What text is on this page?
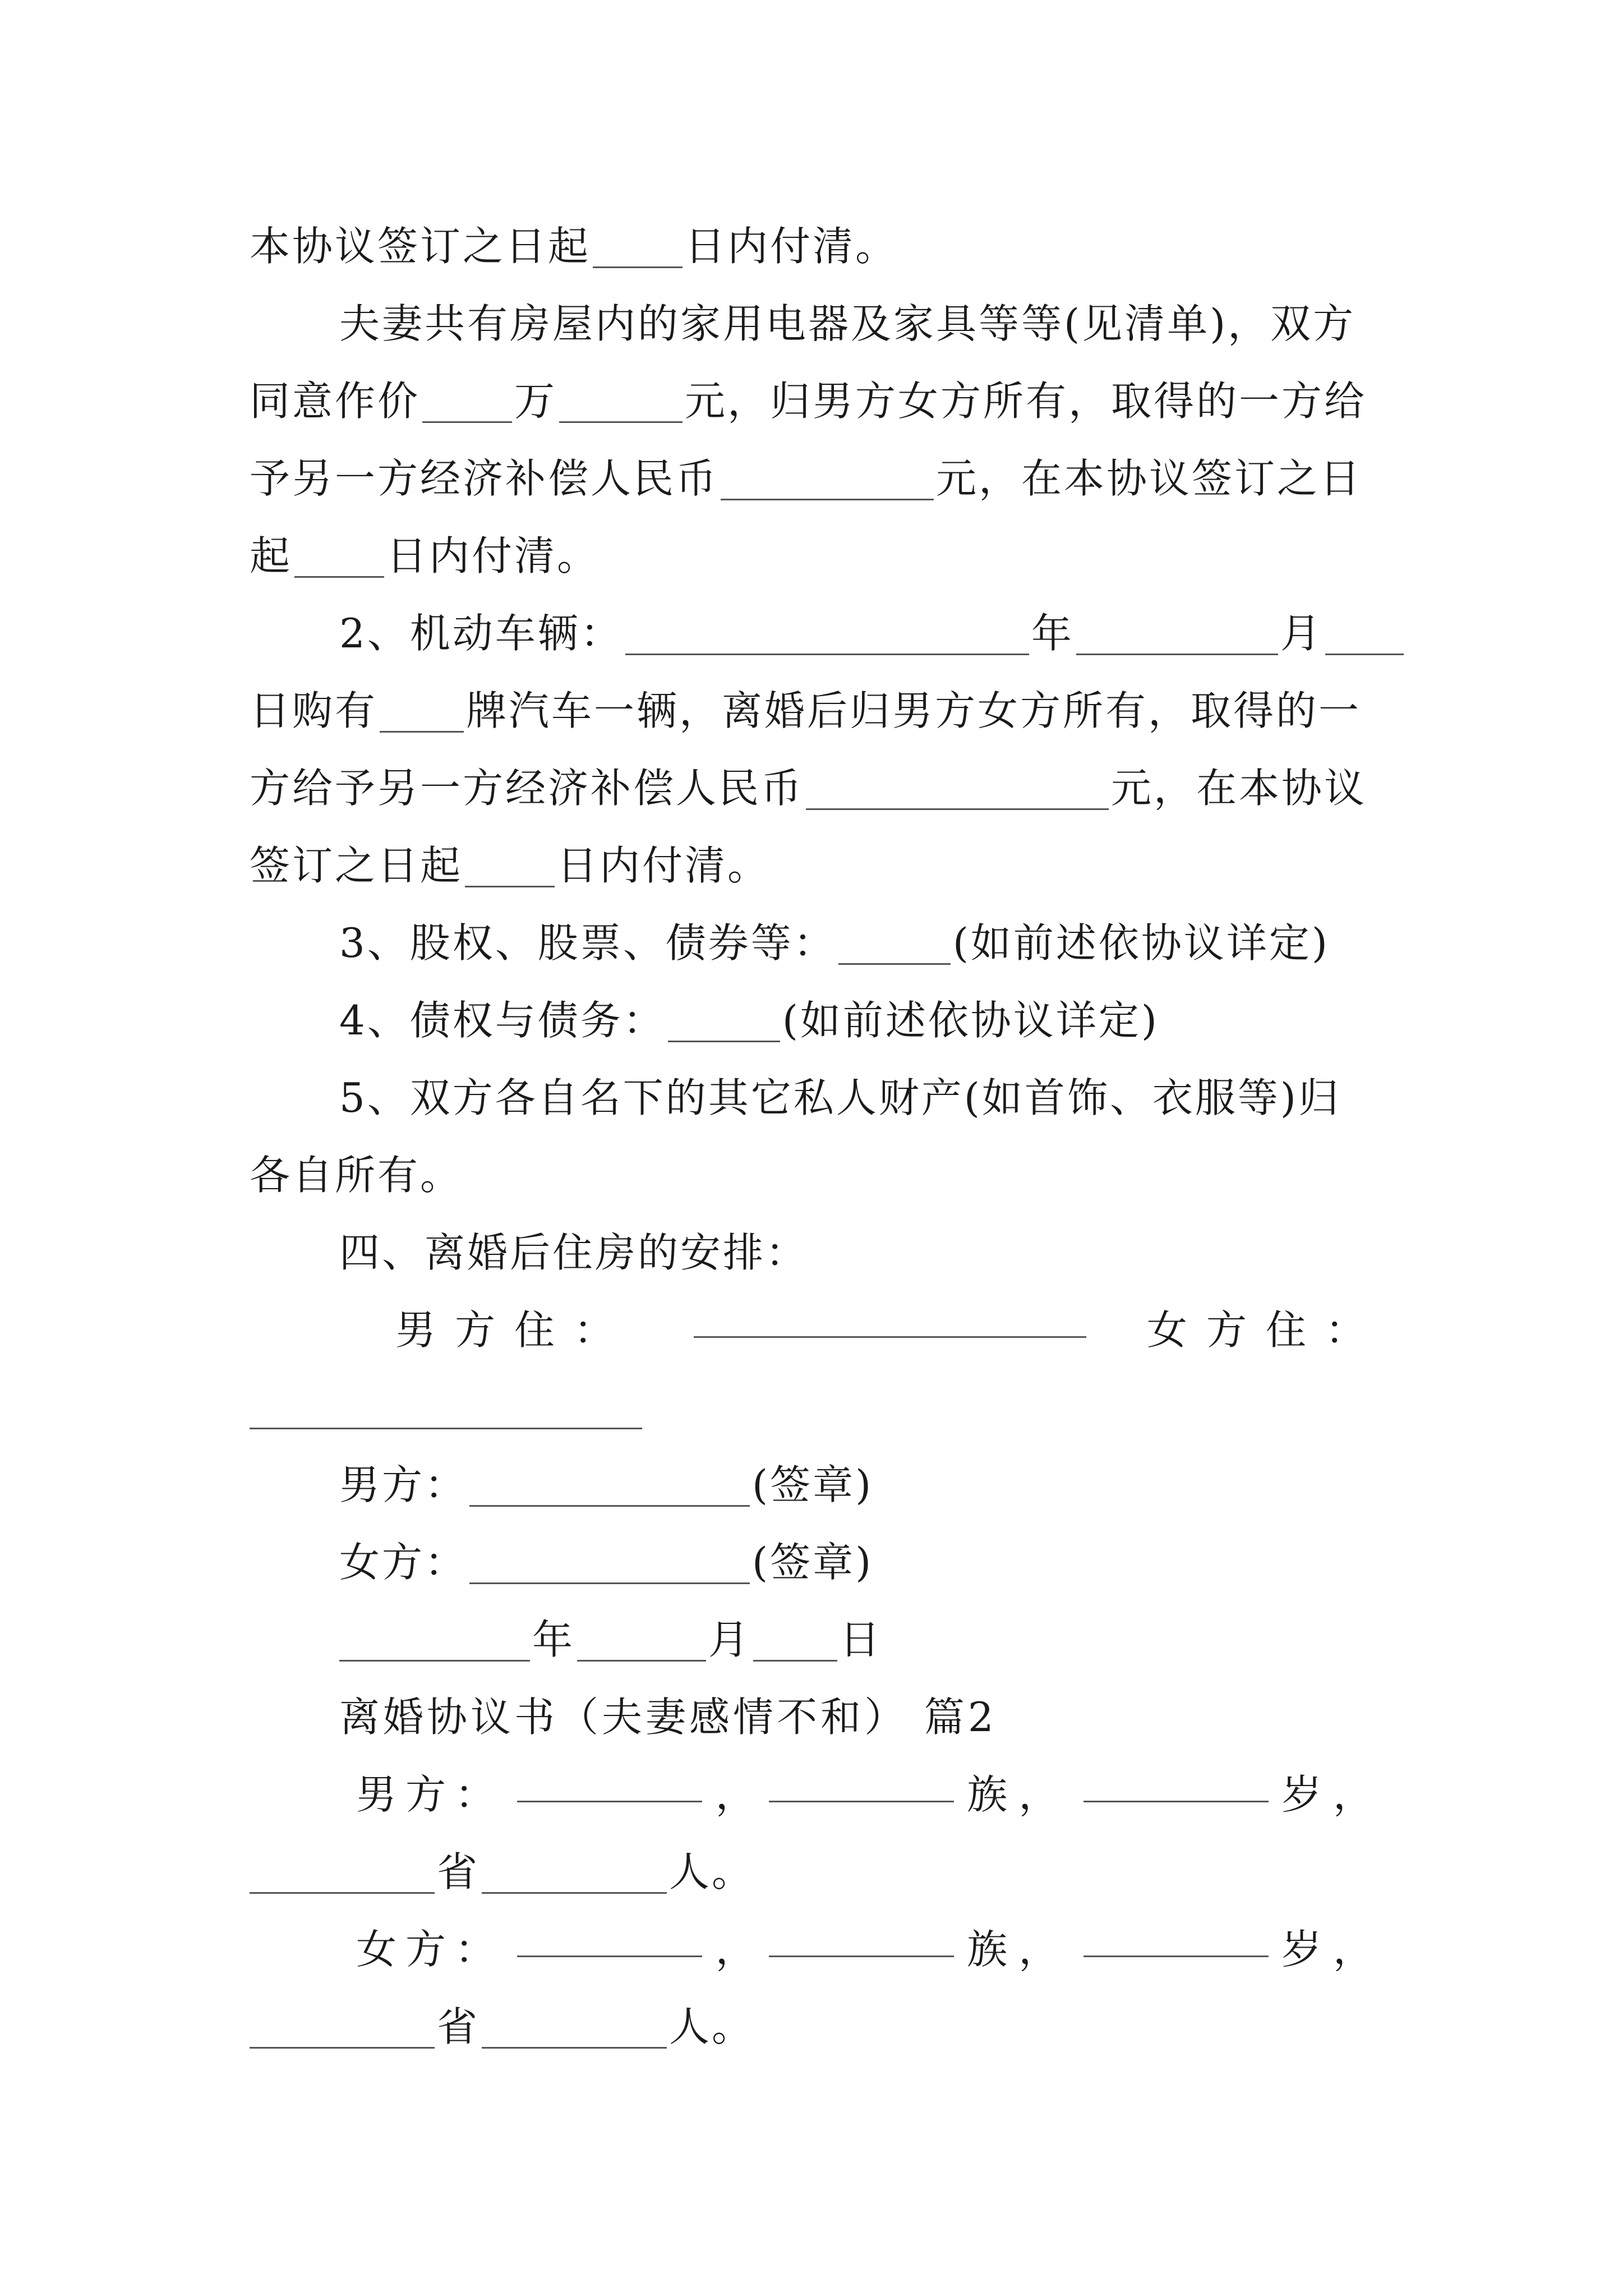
本协议签订之日起 日内付清。
夫妻共有房屋内的家用电器及家具等等(见清单)，双方
同意作价 万	元，归男方女方所有，取得的一方给
予另一方经济补偿人民币	元，在本协议签订之日
起 日内付清。
2、机动车辆：	年	月
日购有 牌汽车一辆，离婚后归男方女方所有，取得的一
方给予另一方经济补偿人民币	元，在本协议
签订之日起 日内付清。
3、股权、股票、债券等：	(如前述依协议详定)
4、债权与债务：	(如前述依协议详定)
5、双方各自名下的其它私人财产(如首饰、衣服等)归
各自所有。
四、离婚后住房的安排：
男方住：	女方住：
男方：	(签章)
女方：	(签章)
年	月 日
离婚协议书（夫妻感情不和） 篇2
男方：	，	族，	岁，
省	人。
女方：	，	族，	岁，
省	人。
